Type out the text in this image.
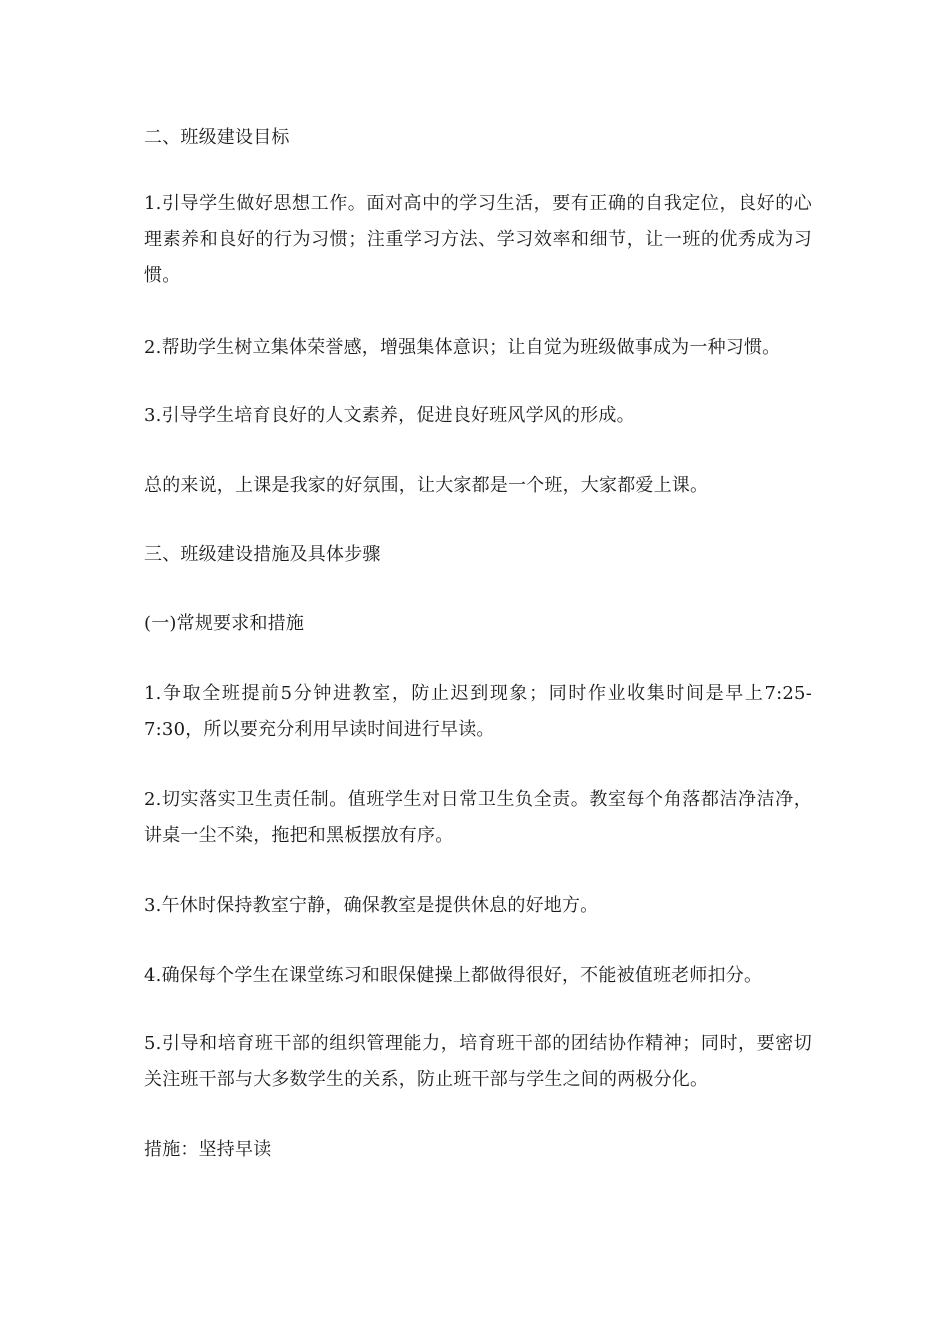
二、班级建设目标

1.引导学生做好思想工作。面对高中的学习生活，要有正确的自我定位，良好的心理素养和良好的行为习惯；注重学习方法、学习效率和细节，让一班的优秀成为习惯。

2.帮助学生树立集体荣誉感，增强集体意识；让自觉为班级做事成为一种习惯。

3.引导学生培育良好的人文素养，促进良好班风学风的形成。

总的来说，上课是我家的好氛围，让大家都是一个班，大家都爱上课。

三、班级建设措施及具体步骤

(一)常规要求和措施

1.争取全班提前5分钟进教室，防止迟到现象；同时作业收集时间是早上7:25-7:30，所以要充分利用早读时间进行早读。

2.切实落实卫生责任制。值班学生对日常卫生负全责。教室每个角落都洁净洁净，讲桌一尘不染，拖把和黑板摆放有序。

3.午休时保持教室宁静，确保教室是提供休息的好地方。

4.确保每个学生在课堂练习和眼保健操上都做得很好，不能被值班老师扣分。

5.引导和培育班干部的组织管理能力，培育班干部的团结协作精神；同时，要密切关注班干部与大多数学生的关系，防止班干部与学生之间的两极分化。

措施：坚持早读
